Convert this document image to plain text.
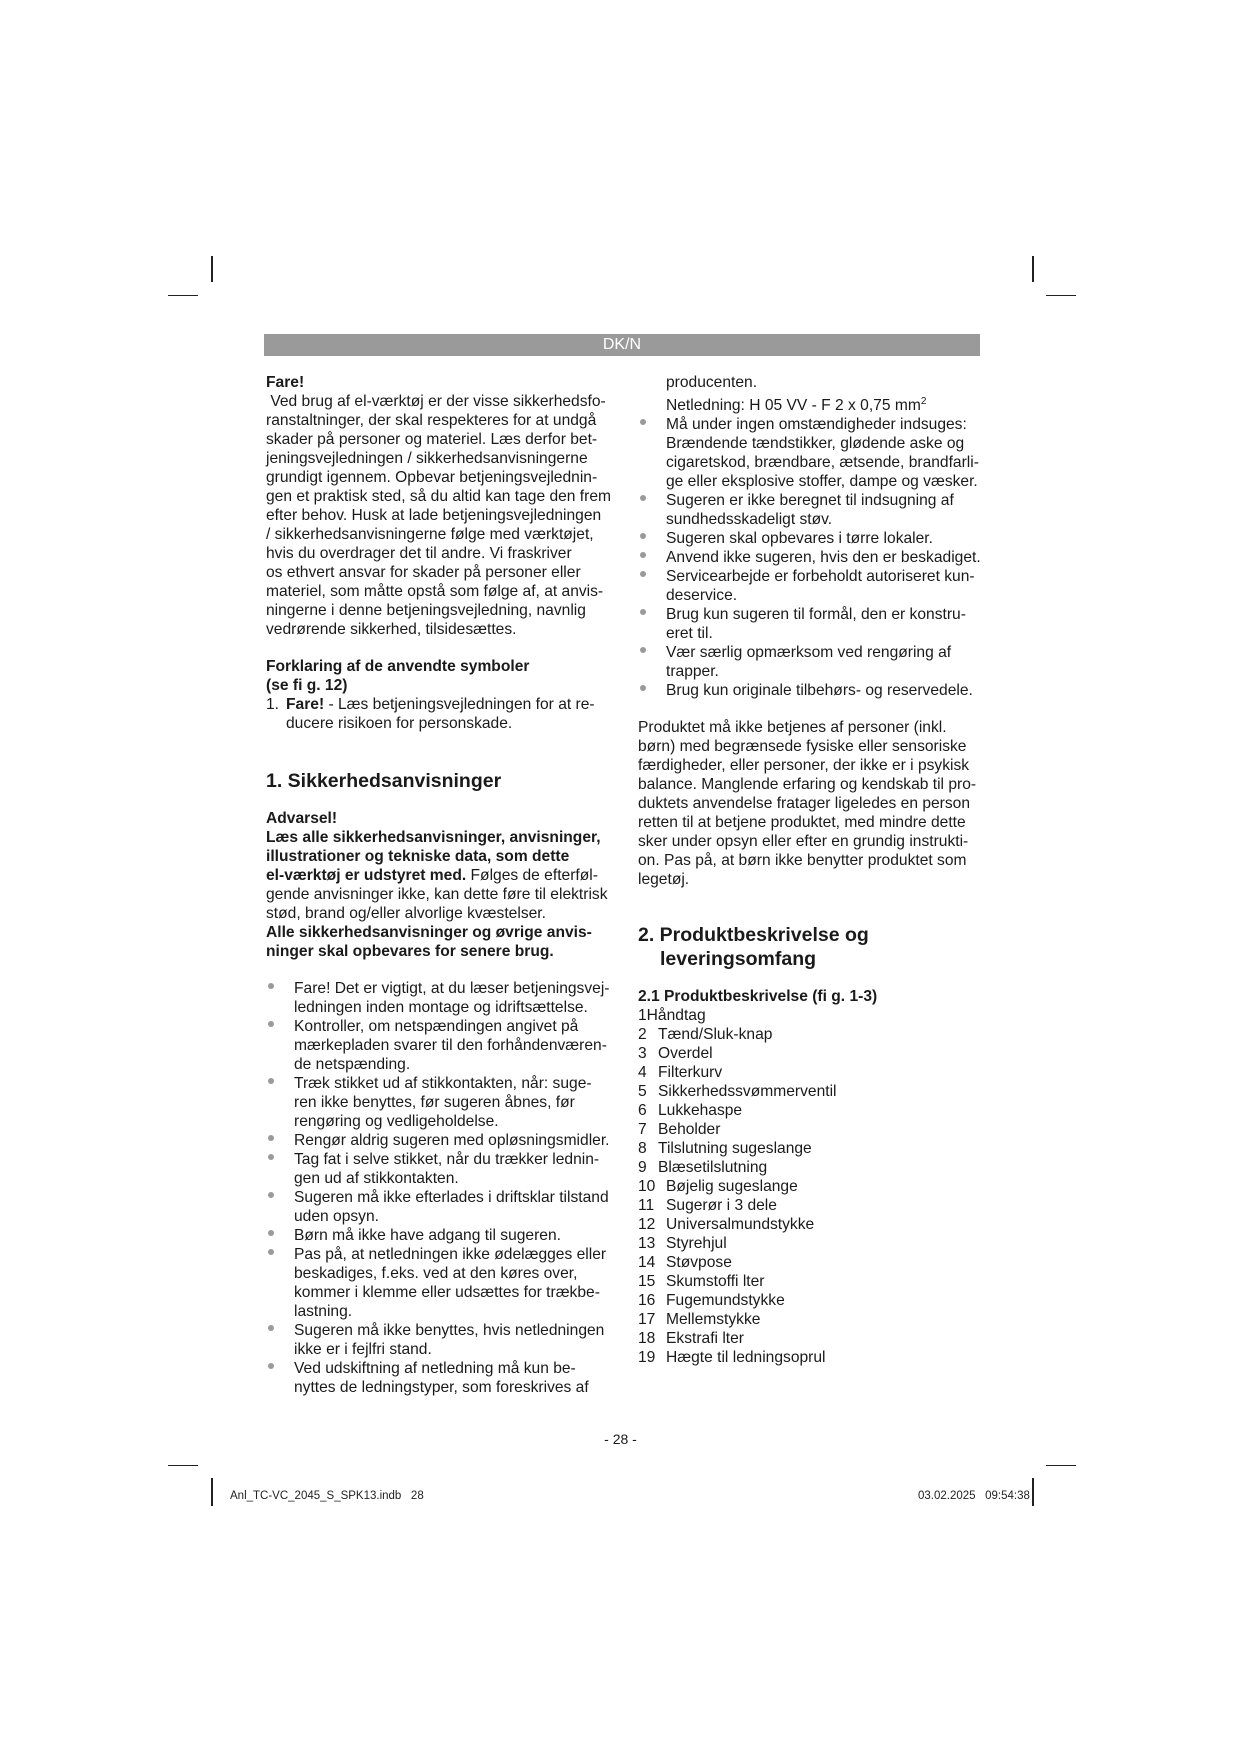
DK/N

Fare!

Ved brug af el-værktøj er der visse sikkerhedsfo-

ranstaltninger, der skal respekteres for at undgå

skader på personer og materiel. Læs derfor bet-

jeningsvejledningen / sikkerhedsanvisningerne

grundigt igennem. Opbevar betjeningsvejlednin-

gen et praktisk sted, så du altid kan tage den frem

efter behov. Husk at lade betjeningsvejledningen

/ sikkerhedsanvisningerne følge med værktøjet,

hvis du overdrager det til andre. Vi fraskriver

os ethvert ansvar for skader på personer eller

materiel, som måtte opstå som følge af, at anvis-

ningerne i denne betjeningsvejledning, navnlig

vedrørende sikkerhed, tilsidesættes.

Forklaring af de anvendte symboler

(se fi g. 12)

1. Fare! - Læs betjeningsvejledningen for at re-
ducere risikoen for personskade.

1. Sikkerhedsanvisninger

Advarsel!

Læs alle sikkerhedsanvisninger, anvisninger,

illustrationer og tekniske data, som dette

el-værktøj er udstyret med. Følges de efterføl-

gende anvisninger ikke, kan dette føre til elektrisk

stød, brand og/eller alvorlige kvæstelser.

Alle sikkerhedsanvisninger og øvrige anvis-

ninger skal opbevares for senere brug.

Fare! Det er vigtigt, at du læser betjeningsvej-

ledningen inden montage og idriftsættelse.

Kontroller, om netspændingen angivet på

mærkepladen svarer til den forhåndenværen-

de netspænding.

Træk stikket ud af stikkontakten, når: suge-

ren ikke benyttes, før sugeren åbnes, før

rengøring og vedligeholdelse.

Rengør aldrig sugeren med opløsningsmidler.

Tag fat i selve stikket, når du trækker lednin-

gen ud af stikkontakten.

Sugeren må ikke efterlades i driftsklar tilstand

uden opsyn.

Børn må ikke have adgang til sugeren.

Pas på, at netledningen ikke ødelægges eller

beskadiges, f.eks. ved at den køres over,

kommer i klemme eller udsættes for trækbe-

lastning.

Sugeren må ikke benyttes, hvis netledningen

ikke er i fejlfri stand.

Ved udskiftning af netledning må kun be-

nyttes de ledningstyper, som foreskrives af

producenten.

Netledning: H 05 VV - F 2 x 0,75 $mm^2$

Må under ingen omstændigheder indsuges:

Brændende tændstikker, glødende aske og

cigaretskod, brændbare, ætsende, brandfarli-

ge eller eksplosive stoffer, dampe og væsker.

Sugeren er ikke beregnet til indsugning af

sundhedsskadeligt støv.

Sugeren skal opbevares i tørre lokaler.

Anvend ikke sugeren, hvis den er beskadiget.

Servicearbejde er forbeholdt autoriseret kun-

deservice.

Brug kun sugeren til formål, den er konstru-

eret til.

Vær særlig opmærksom ved rengøring af

trapper.

Brug kun originale tilbehørs- og reservedele.

Produktet må ikke betjenes af personer (inkl.

børn) med begrænsede fysiske eller sensoriske

færdigheder, eller personer, der ikke er i psykisk

balance. Manglende erfaring og kendskab til pro-

duktets anvendelse fratager ligeledes en person

retten til at betjene produktet, med mindre dette

sker under opsyn eller efter en grundig instrukti-

on. Pas på, at børn ikke benytter produktet som

legetøj.

2. Produktbeskrivelse og

leveringsomfang

2.1 Produktbeskrivelse (fi g. 1-3)

1Håndtag

2 Tænd/Sluk-knap
3 Overdel
4 Filterkurv
5 Sikkerhedssvømmerventil
6 Lukkehaspe
7 Beholder
8 Tilslutning sugeslange
9 Blæsetilslutning
10 Bøjelig sugeslange
11 Sugerør i 3 dele
12 Universalmundstykke
13 Styrehjul
14 Støvpose
15 Skumstoffi lter
16 Fugemundstykke
17 Mellemstykke
18 Ekstrafi lter
19 Hægte til ledningsoprul
- 28 -
Anl_TC-VC_2045_S_SPK13.indb   28	03.02.2025   09:54:38
